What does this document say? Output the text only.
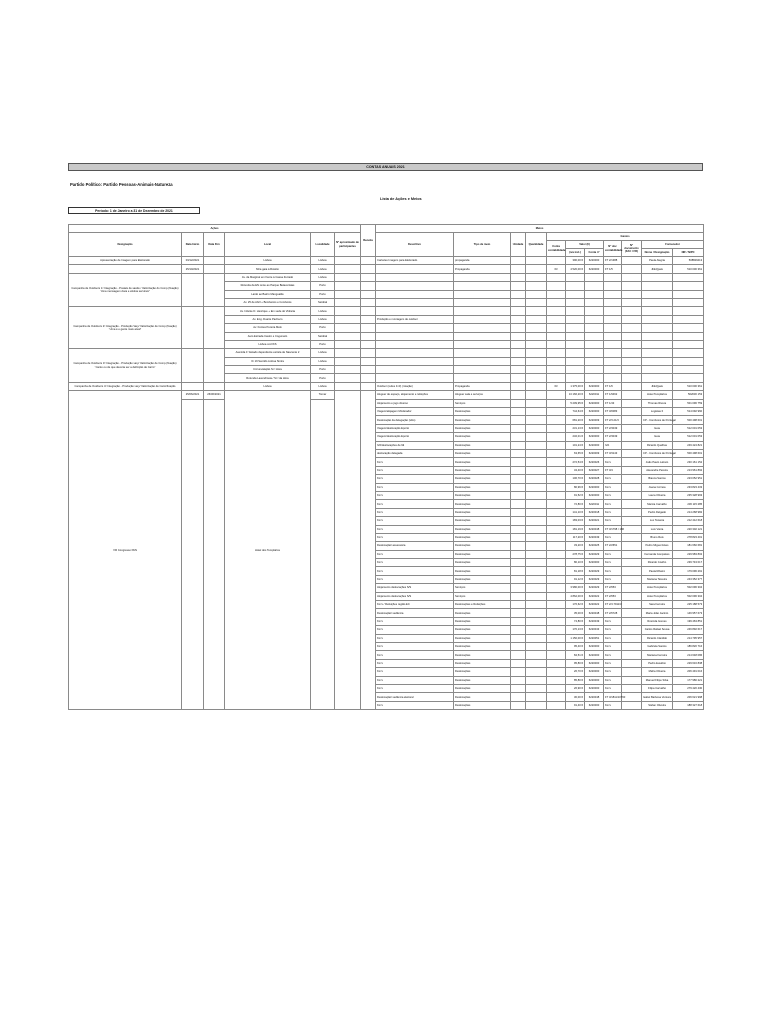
CONTAS ANUAIS 2021
Partido Político: Partido Pessoas-Animais-Natureza
Lista de Ações e Meios
Período: 1 de Janeiro a 31 de Dezembro de 2021
Ações						Receita	Meios										
Designação	Data Início	Data Fim	Local	Localidade	Nº aproximado de participantes		Descritivo	Tipo de meio	Unidade	Quantidade	Gastos						
											Conta contabilidade	Valor (€)		Nº doc contabilidade	Nº documento (FAC / FR)	Fornecedor	
												(iva incl.)	Conta nº			Nome / Designação	NIF / NIPC
Apresentação de Imagem para Eleitorado	03/12/2021		Lisboa	Lisboa			Cartazes Imagem para Eleitorado	propaganda				390,00 €	6220000	FT 2/1388		Paula Alegria	508829413
	25/10/2021		Mira gaia à Rotário	Lisboa				Propaganda			63	4 520,00 €	6220000	FT 1/5		JbEQpais	510 000 361
Campanha de Outdoors 1ª Integração - Postais de saúde / Valorização do Comp.(fixação) “Uma mensagem clara e efetiva serviram”			Av. da Marginal em frente à Cassa Zurrado	Lisboa													
			Rotunda da EN rente ao Parque Belaveristas	Porto													
			Lardo ao Bairro Mangualde	Porto													
			Av. 25 de Abril + Bombeiros e Comboios	Setúbal													
Campanha de Outdoors 2ª Integração - Produção Vary/ Valorização de Comp.(fixação) “Uma é e gente mais atual”			Av. Infante D. Henrique + Em sede do Vidraria	Lisboa													
			Av. Eng. Duarte Pacheco	Lisboa			Produção e montagem de outdoor										
			Av. Fontes Pereira Melo	Porto													
			Auto Estrada Castro e Cogumelo	Setúbal													
			Lisboa cod IKS	Porto													
Campanha de Outdoors 3ª Integração - Produção vary/ Valorização de Comp.(fixação) “Canto ou de que deveria ser a definição de Carro”			Avenida 1º Estado dependente estrela de Nascente 2	Lisboa													
			IC 19 Sentido Lisboa Sintra	Lisboa													
			Circunvalação Sr.ª Hora	Porto													
			Rotunda Lavendrosia / Sr.ª da Hora	Porto													
Campanha de Outdoors 4ª Integração - Produção vary/ Valorização de Carro/fixação			Lisboa	Lisboa			Outdoor (redes 4×3) (rotação)	Propaganda			63	1 375,00 €	6220000	FT 1/6		JbEQpais	510 000 361
VIII Congresso PAN	25/06/2021	26/06/2021	Hotel dos Templários	Tomar			Aluguer de espaço, alojamento e refeições	Aluguer sala e serviços				13 166,20 €	6220011	FT 1/9462		Hotel Templários	502030 153
							Alojamento e jogo diverso	Serviços				5 209,95 €	6220000	FT 1/43		Thomas Rivera	501 096 759
							Viagem/alojagem Moderador	Deslocações				744,64 €	6220000	FT 3/0083		Logistas II	514 092 960
							Deslocação da delegação (sítio)	Deslocações				681,20 €	6220009	FT 2/3.21/3		CP - Comboios de Portugal	500 498 601
							Viagem/deslocação Eporto	Deslocações				231,13 €	6220000	FT 2/3049		Geia	512 001 053
							Viagem/deslocação Eporto	Deslocações				232,01 €	6220000	FT 2/3049		Geia	512 001 053
							IVA/deslocações de fiã	Deslocações				101,24 €	6220000	IVA		Ricardo Quelhas	249 424 821
							deslocação delegada	Deslocações				63,65 €	6220009	FT 3/3143		CP - Comboios de Portugal	500 498 601
							Km's	Deslocações				272,54 €	6220026	Km's		João Paulo Lázaro	230 161 152
							Km's	Deslocações				34,40 €	6220027	FT 3/4		Alexandre Pereira	213 961 892
							Km's	Deslocações				106,70 €	6220028	Km's		Bianca Santos	223 052 951
							Km's	Deslocações				80,96 €	6220000	Km's		Joana Correia	233 823 433
							Km's	Deslocações				91,52 €	6220000	Km's		Laura Oliveira	235 328 993
							Km's	Deslocações				72,80 €	6220011	Km's		Marcia Carvalho	236 115 285
							Km's	Deslocações				141,10 €	6220018	Km's		Pedro Delgado	214 268 982
							Km's	Deslocações				183,03 €	6220021	Km's		Lux Teixeira	212 412 618
							Km's	Deslocações				181,19 €	6220048	FT 3/1798 / 186		Luis Vieira	220 302 121
							Km's	Deslocações				117,20 €	6220049	Km's		Bruno Reis	278 823 401
							Deslocação/ assessoria	Deslocações				33,20 €	6220025	FT 2/2651		Pedro Miguel Alves	181 660 681
							Km's	Deslocações				278,75 €	6220029	Km's		Fernanda Gonçalves	229 983 802
							Km's	Deslocações				80,10 €	6220000	Km's		Ricardo Coelho	239 743 017
							Km's	Deslocações				81,18 €	6220029	Km's		Paula Ribeiro	179 096 291
							Km's	Deslocações				91,12 €	6220029	Km's		Mariana Teixeira	243 352 377
							Alojamento deslocações S/S	Serviços				3 980,00 €	6220029	FT 2/653		Hotel Templários	502 096 304
							Alojamento deslocações S/S	Serviços				4 862,00 €	6220022	FT 2/653		Hotel Templários	502 096 304
							Km's / Refeições região EC	Deslocações e Refeições				176,62 €	6220022	FT 2/4.7911/3		Sara Ferreira	225 188 573
							Deslocação/ sedância	Deslocações				35,00 €	6220048	FT 2/6728		Maria João Jacinto	146 957 673
							Km's	Deslocações				74,80 €	6220049	Km's		Rosinda Gomes	199 463 851
							Km's	Deslocações				170,13 €	6220043	Km's		Carlos Rafael Sousa	246 892 617
							Km's	Deslocações				1 150,00 €	6220051	Km's		Ricardo Cândido	214 795 957
							Km's	Deslocações				95,40 €	6220000	Km's		Gabriela Santos	186 820 716
							Km's	Deslocações				84,51 €	6220000	Km's		Mariana Ferreira	214 648 086
							Km's	Deslocações				95,80 €	6220000	Km's		Pedro Eusébio	229 616 838
							Km's	Deslocações				26,70 €	6220000	Km's		Mafra Oliveira	206 491 016
							Km's	Deslocações				85,80 €	6220000	Km's		Manuel Filipe Silva	177 980 221
							Km's	Deslocações				26,90 €	6220000	Km's		Filipa Carvalho	279 420 430
							Deslocação/ sedância eleitoral	Deslocações				30,00 €	6220048	FT 3/1811/10760		Isabel Barbosa Ventura	206 621 998
							Km's	Deslocações				91,40 €	6220000	Km's		Stefan Oliveira	188 327 618
